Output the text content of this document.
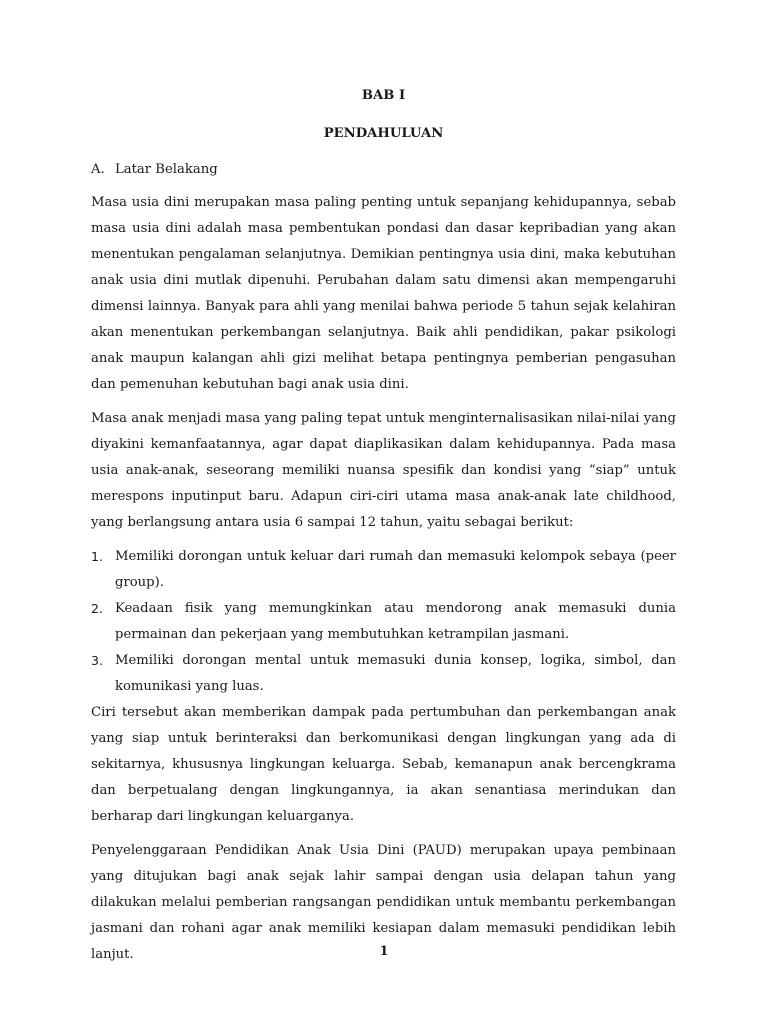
BAB I
PENDAHULUAN
A. Latar Belakang

Masa usia dini merupakan masa paling penting untuk sepanjang kehidupannya, sebab masa usia dini adalah masa pembentukan pondasi dan dasar kepribadian yang akan menentukan pengalaman selanjutnya. Demikian pentingnya usia dini, maka kebutuhan anak usia dini mutlak dipenuhi. Perubahan dalam satu dimensi akan mempengaruhi dimensi lainnya. Banyak para ahli yang menilai bahwa periode 5 tahun sejak kelahiran akan menentukan perkembangan selanjutnya. Baik ahli pendidikan, pakar psikologi anak maupun kalangan ahli gizi melihat betapa pentingnya pemberian pengasuhan dan pemenuhan kebutuhan bagi anak usia dini.

Masa anak menjadi masa yang paling tepat untuk menginternalisasikan nilai-nilai yang diyakini kemanfaatannya, agar dapat diaplikasikan dalam kehidupannya. Pada masa usia anak-anak, seseorang memiliki nuansa spesifik dan kondisi yang “siap” untuk merespons inputinput baru. Adapun ciri-ciri utama masa anak-anak late childhood, yang berlangsung antara usia 6 sampai 12 tahun, yaitu sebagai berikut:

1. Memiliki dorongan untuk keluar dari rumah dan memasuki kelompok sebaya (peer group).
2. Keadaan fisik yang memungkinkan atau mendorong anak memasuki dunia permainan dan pekerjaan yang membutuhkan ketrampilan jasmani.
3. Memiliki dorongan mental untuk memasuki dunia konsep, logika, simbol, dan komunikasi yang luas.

Ciri tersebut akan memberikan dampak pada pertumbuhan dan perkembangan anak yang siap untuk berinteraksi dan berkomunikasi dengan lingkungan yang ada di sekitarnya, khususnya lingkungan keluarga. Sebab, kemanapun anak bercengkrama dan berpetualang dengan lingkungannya, ia akan senantiasa merindukan dan berharap dari lingkungan keluarganya.

Penyelenggaraan Pendidikan Anak Usia Dini (PAUD) merupakan upaya pembinaan yang ditujukan bagi anak sejak lahir sampai dengan usia delapan tahun yang dilakukan melalui pemberian rangsangan pendidikan untuk membantu perkembangan jasmani dan rohani agar anak memiliki kesiapan dalam memasuki pendidikan lebih lanjut.	1
